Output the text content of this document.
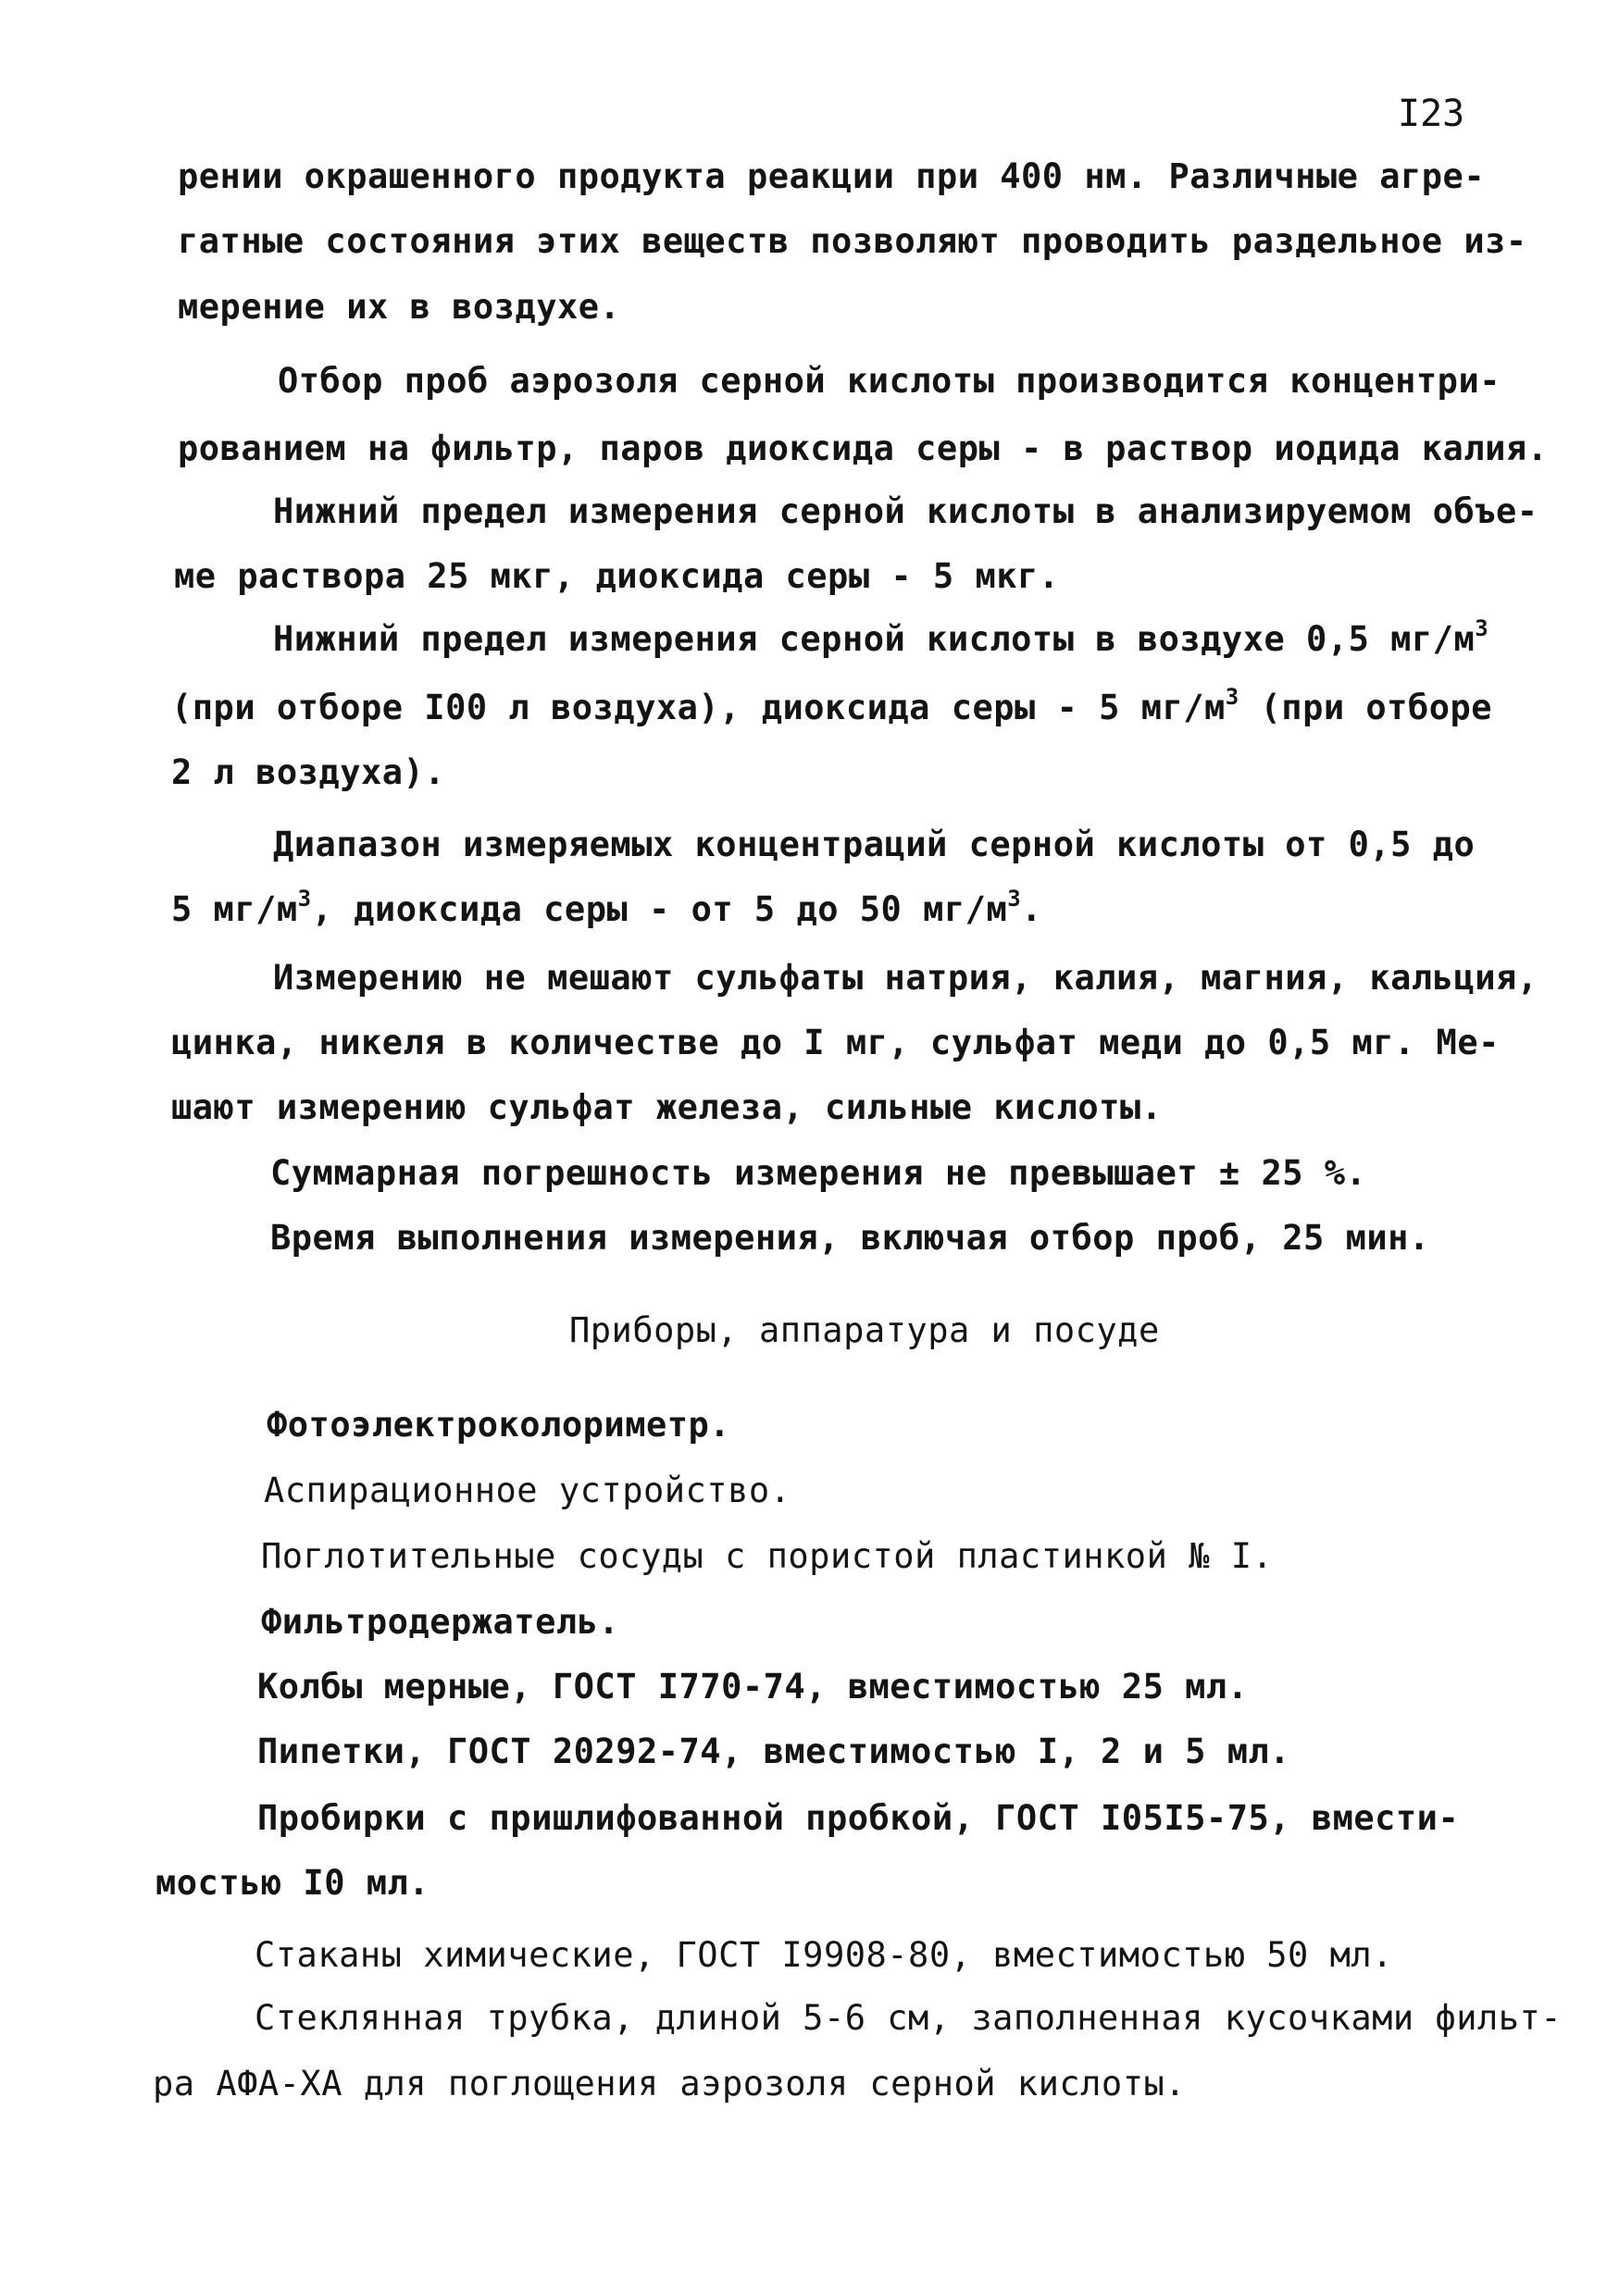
I23
рении окрашенного продукта реакции при 400 нм. Различные агре-
гатные состояния этих веществ позволяют проводить раздельное из-
мерение их в воздухе.
Отбор проб аэрозоля серной кислоты производится концентри-
рованием на фильтр, паров диоксида серы - в раствор иодида калия.
Нижний предел измерения серной кислоты в анализируемом объе-
ме раствора 25 мкг, диоксида серы - 5 мкг.
Нижний предел измерения серной кислоты в воздухе 0,5 $мг/м^3$
(при отборе I00 л воздуха), диоксида серы - 5 $мг/м^3$ (при отборе
2 л воздуха).
Диапазон измеряемых концентраций серной кислоты от 0,5 до
5 $мг/м^3$, диоксида серы - от 5 до 50 $мг/м^3$.
Измерению не мешают сульфаты натрия, калия, магния, кальция,
цинка, никеля в количестве до I мг, сульфат меди до 0,5 мг. Ме-
шают измерению сульфат железа, сильные кислоты.
Суммарная погрешность измерения не превышает ± 25 %.
Время выполнения измерения, включая отбор проб, 25 мин.
Приборы, аппаратура и посуде
Фотоэлектроколориметр.
Аспирационное устройство.
Поглотительные сосуды с пористой пластинкой № I.
Фильтродержатель.
Колбы мерные, ГОСТ I770-74, вместимостью 25 мл.
Пипетки, ГОСТ 20292-74, вместимостью I, 2 и 5 мл.
Пробирки с пришлифованной пробкой, ГОСТ I05I5-75, вмести-
мостью I0 мл.
Стаканы химические, ГОСТ I9908-80, вместимостью 50 мл.
Стеклянная трубка, длиной 5-6 см, заполненная кусочками фильт-
ра АФА-ХА для поглощения аэрозоля серной кислоты.
